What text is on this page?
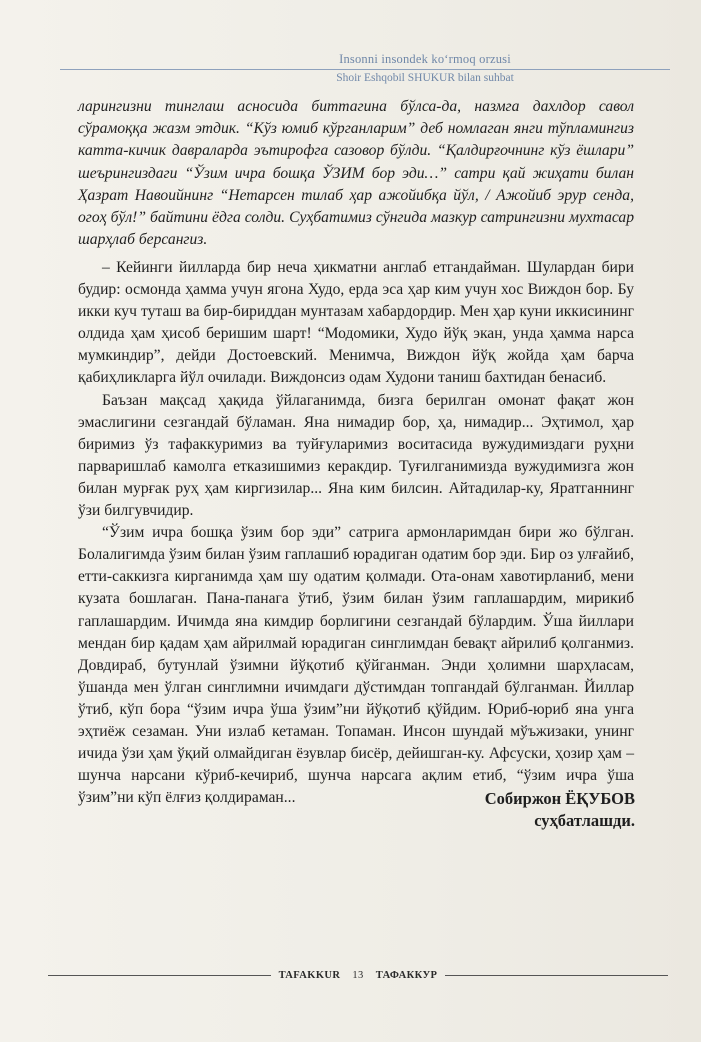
Insonni insondek koʻrmoq orzusi
Shoir Eshqobil SHUKUR bilan suhbat

ларингизни тинглаш асносида биттагина бўлса-да, назмга дахлдор савол сўрамоққа жазм этдик. “Кўз юмиб кўрганларим” деб номлаган янги тўпламингиз катта-кичик давраларда эътирофга сазовор бўлди. “Қалдирғочнинг кўз ёшлари” шеърингиздаги “Ўзим ичра бошқа ЎЗИМ бор эди…” сатри қай жиҳати билан Ҳазрат Навоийнинг “Нетарсен тилаб ҳар ажойибқа йўл, / Ажойиб эрур сенда, огоҳ бўл!” байтини ёдга солди. Суҳбатимиз сўнгида мазкур сатрингизни мухтасар шарҳлаб берсангиз.

– Кейинги йилларда бир неча ҳикматни англаб етгандайман. Шулардан бири будир: осмонда ҳамма учун ягона Худо, ерда эса ҳар ким учун хос Виждон бор. Бу икки куч туташ ва бир-бириддан мунтазам хабардордир. Мен ҳар куни иккисининг олдида ҳам ҳисоб беришим шарт! “Модомики, Худо йўқ экан, унда ҳамма нарса мумкиндир”, дейди Достоевский. Менимча, Виждон йўқ жойда ҳам барча қабиҳликларга йўл очилади. Виждонсиз одам Худони таниш бахтидан бенасиб.

Баъзан мақсад ҳақида ўйлаганимда, бизга берилган омонат фақат жон эмаслигини сезгандай бўламан. Яна нимадир бор, ҳа, нимадир... Эҳтимол, ҳар биримиз ўз тафаккуримиз ва туйғуларимиз воситасида вужудимиздаги руҳни парваришлаб камолга етказишимиз керакдир. Туғилганимизда вужудимизга жон билан мурғак руҳ ҳам киргизилар... Яна ким билсин. Айтадилар-ку, Яратганнинг ўзи билгувчидир.

“Ўзим ичра бошқа ўзим бор эди” сатрига армонларимдан бири жо бўлган. Болалигимда ўзим билан ўзим гаплашиб юрадиган одатим бор эди. Бир оз улғайиб, етти-саккизга кирганимда ҳам шу одатим қолмади. Ота-онам хавотирланиб, мени кузата бошлаган. Пана-панага ўтиб, ўзим билан ўзим гаплашардим, мирикиб гаплашардим. Ичимда яна кимдир борлигини сезгандай бўлардим. Ўша йиллари мендан бир қадам ҳам айрилмай юрадиган синглимдан бевақт айрилиб қолганмиз. Довдираб, бутунлай ўзимни йўқотиб қўйганман. Энди ҳолимни шарҳласам, ўшанда мен ўлган синглимни ичимдаги дўстимдан топгандай бўлганман. Йиллар ўтиб, кўп бора “ўзим ичра ўша ўзим”ни йўқотиб қўйдим. Юриб-юриб яна унга эҳтиёж сезаман. Уни излаб кетаман. Топаман. Инсон шундай мўъжизаки, унинг ичида ўзи ҳам ўқий олмайдиган ёзувлар бисёр, дейишган-ку. Афсуски, ҳозир ҳам – шунча нарсани кўриб-кечириб, шунча нарсага ақлим етиб, “ўзим ичра ўша ўзим”ни кўп ёлғиз қолдираман...	Собиржон ЁҚУБОВ
суҳбатлашди.
TAFAKKUR	13	ТАФАККУР
